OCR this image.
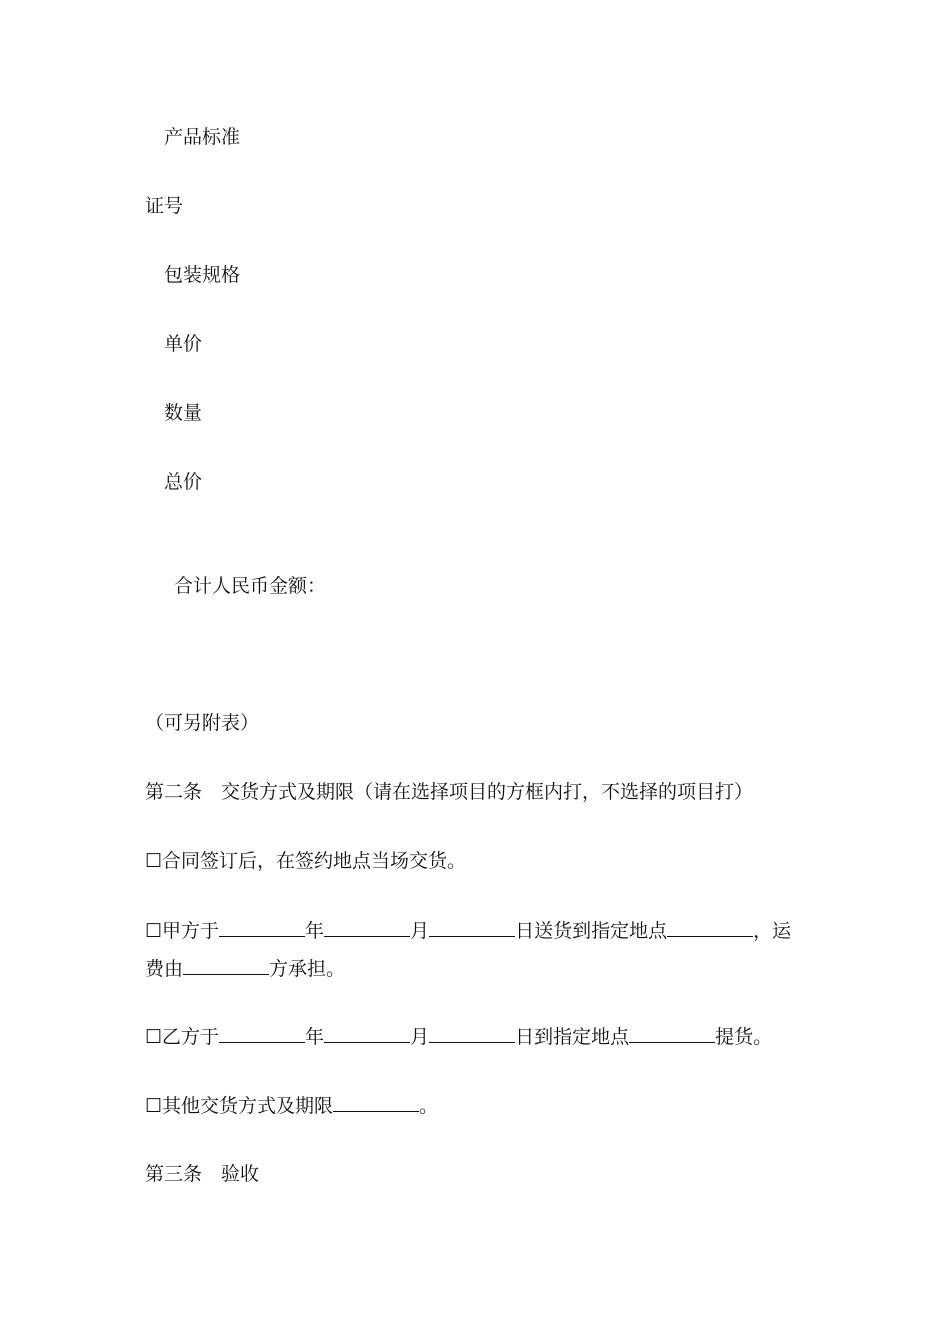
产品标准
证号
包装规格
单价
数量
总价
合计人民币金额：
（可另附表）
第二条　交货方式及期限（请在选择项目的方框内打，不选择的项目打）
☐合同签订后，在签约地点当场交货。
☐甲方于	年	月	日送货到指定地点	，运
费由	方承担。
☐乙方于	年	月	日到指定地点	提货。
☐其他交货方式及期限	。
第三条　验收
